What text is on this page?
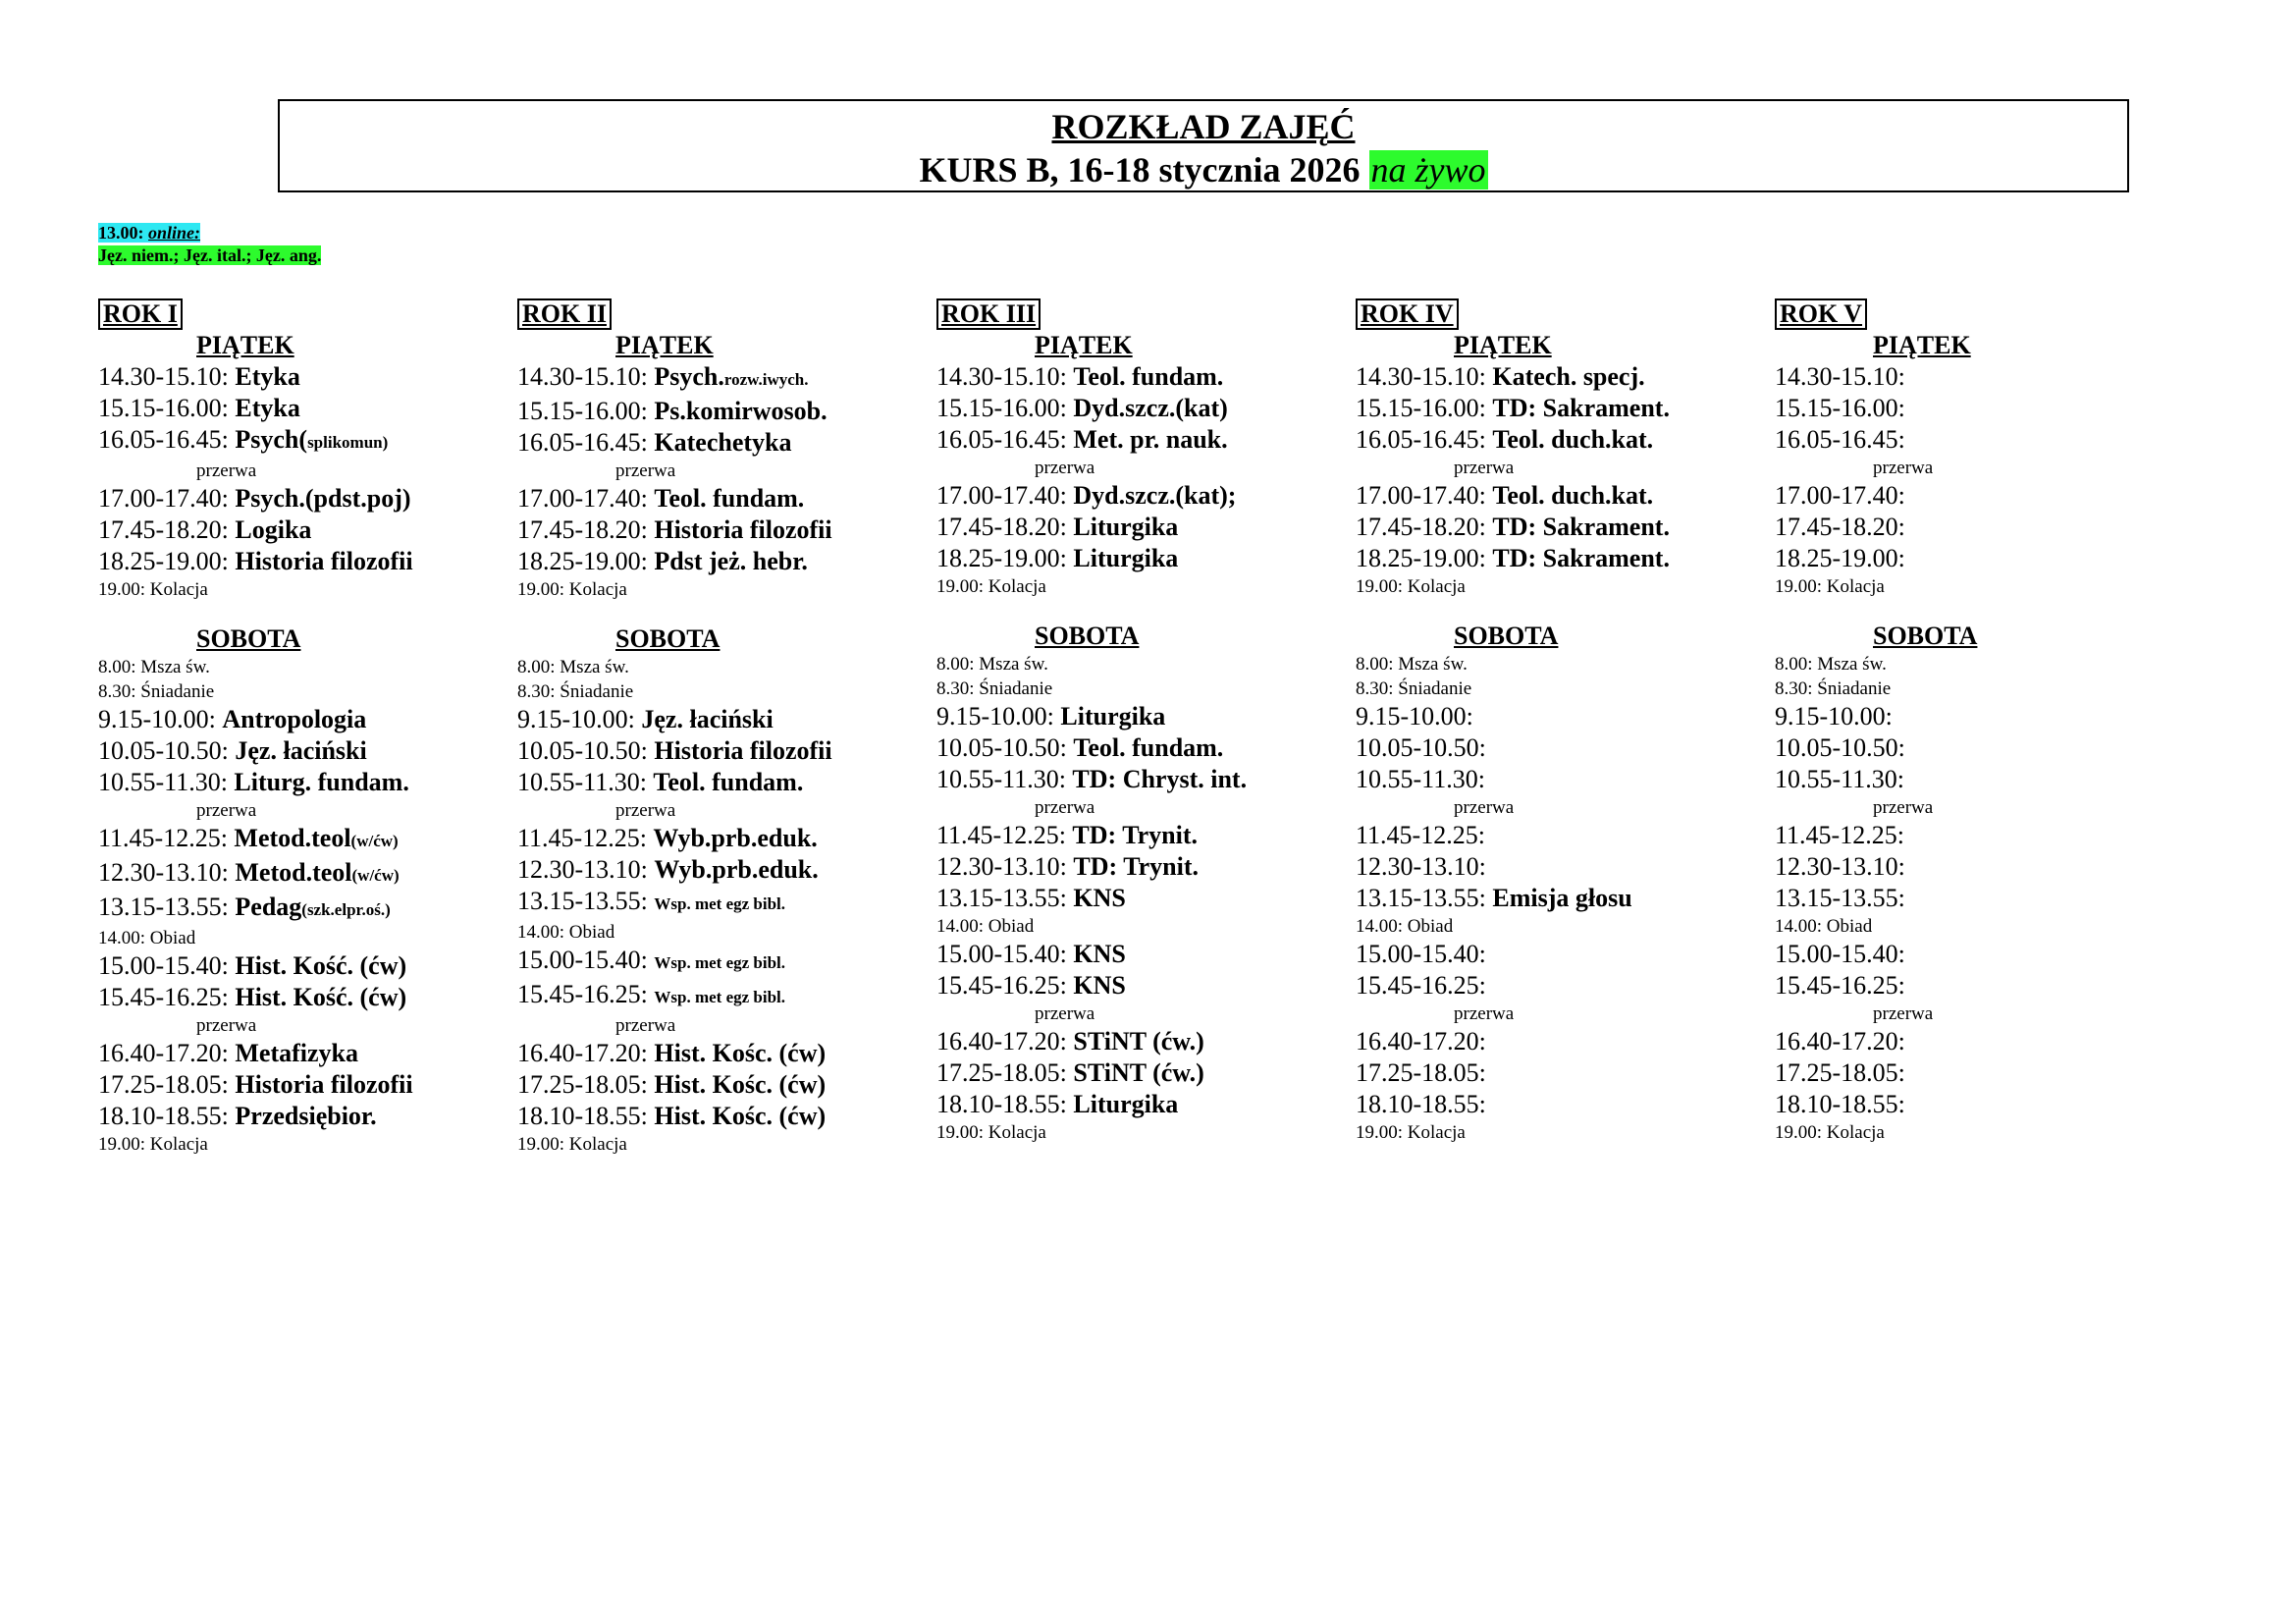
ROZKŁAD ZAJĘĆ
KURS B, 16-18 stycznia 2026 na żywo
13.00: online:
Jęz. niem.; Jęz. ital.; Jęz. ang.
ROK I
PIĄTEK
14.30-15.10: Etyka
15.15-16.00: Etyka
16.05-16.45: Psych(splikomun)
przerwa
17.00-17.40: Psych.(pdst.poj)
17.45-18.20: Logika
18.25-19.00: Historia filozofii
19.00: Kolacja
SOBOTA
8.00: Msza św.
8.30: Śniadanie
9.15-10.00: Antropologia
10.05-10.50: Jęz. łaciński
10.55-11.30: Liturg. fundam.
przerwa
11.45-12.25: Metod.teol(w/ćw)
12.30-13.10: Metod.teol(w/ćw)
13.15-13.55: Pedag(szk.elpr.oś.)
14.00: Obiad
15.00-15.40: Hist. Kość. (ćw)
15.45-16.25: Hist. Kość. (ćw)
przerwa
16.40-17.20: Metafizyka
17.25-18.05: Historia filozofii
18.10-18.55: Przedsiębior.
19.00: Kolacja
ROK II
PIĄTEK
14.30-15.10: Psych.rozw.iwych.
15.15-16.00: Ps.komirwosob.
16.05-16.45: Katechetyka
przerwa
17.00-17.40: Teol. fundam.
17.45-18.20: Historia filozofii
18.25-19.00: Pdst jeż. hebr.
19.00: Kolacja
SOBOTA
8.00: Msza św.
8.30: Śniadanie
9.15-10.00: Jęz. łaciński
10.05-10.50: Historia filozofii
10.55-11.30: Teol. fundam.
przerwa
11.45-12.25: Wyb.prb.eduk.
12.30-13.10: Wyb.prb.eduk.
13.15-13.55: Wsp. met egz bibl.
14.00: Obiad
15.00-15.40: Wsp. met egz bibl.
15.45-16.25: Wsp. met egz bibl.
przerwa
16.40-17.20: Hist. Kośc. (ćw)
17.25-18.05: Hist. Kośc. (ćw)
18.10-18.55: Hist. Kośc. (ćw)
19.00: Kolacja
ROK III
PIĄTEK
14.30-15.10: Teol. fundam.
15.15-16.00: Dyd.szcz.(kat)
16.05-16.45: Met. pr. nauk.
przerwa
17.00-17.40: Dyd.szcz.(kat);
17.45-18.20: Liturgika
18.25-19.00: Liturgika
19.00: Kolacja
SOBOTA
8.00: Msza św.
8.30: Śniadanie
9.15-10.00: Liturgika
10.05-10.50: Teol. fundam.
10.55-11.30: TD: Chryst. int.
przerwa
11.45-12.25: TD: Trynit.
12.30-13.10: TD: Trynit.
13.15-13.55: KNS
14.00: Obiad
15.00-15.40: KNS
15.45-16.25: KNS
przerwa
16.40-17.20: STiNT (ćw.)
17.25-18.05: STiNT (ćw.)
18.10-18.55: Liturgika
19.00: Kolacja
ROK IV
PIĄTEK
14.30-15.10: Katech. specj.
15.15-16.00: TD: Sakrament.
16.05-16.45: Teol. duch.kat.
przerwa
17.00-17.40: Teol. duch.kat.
17.45-18.20: TD: Sakrament.
18.25-19.00: TD: Sakrament.
19.00: Kolacja
SOBOTA
8.00: Msza św.
8.30: Śniadanie
9.15-10.00:
10.05-10.50:
10.55-11.30:
przerwa
11.45-12.25:
12.30-13.10:
13.15-13.55: Emisja głosu
14.00: Obiad
15.00-15.40:
15.45-16.25:
przerwa
16.40-17.20:
17.25-18.05:
18.10-18.55:
19.00: Kolacja
ROK V
PIĄTEK
14.30-15.10:
15.15-16.00:
16.05-16.45:
przerwa
17.00-17.40:
17.45-18.20:
18.25-19.00:
19.00: Kolacja
SOBOTA
8.00: Msza św.
8.30: Śniadanie
9.15-10.00:
10.05-10.50:
10.55-11.30:
przerwa
11.45-12.25:
12.30-13.10:
13.15-13.55:
14.00: Obiad
15.00-15.40:
15.45-16.25:
przerwa
16.40-17.20:
17.25-18.05:
18.10-18.55:
19.00: Kolacja
